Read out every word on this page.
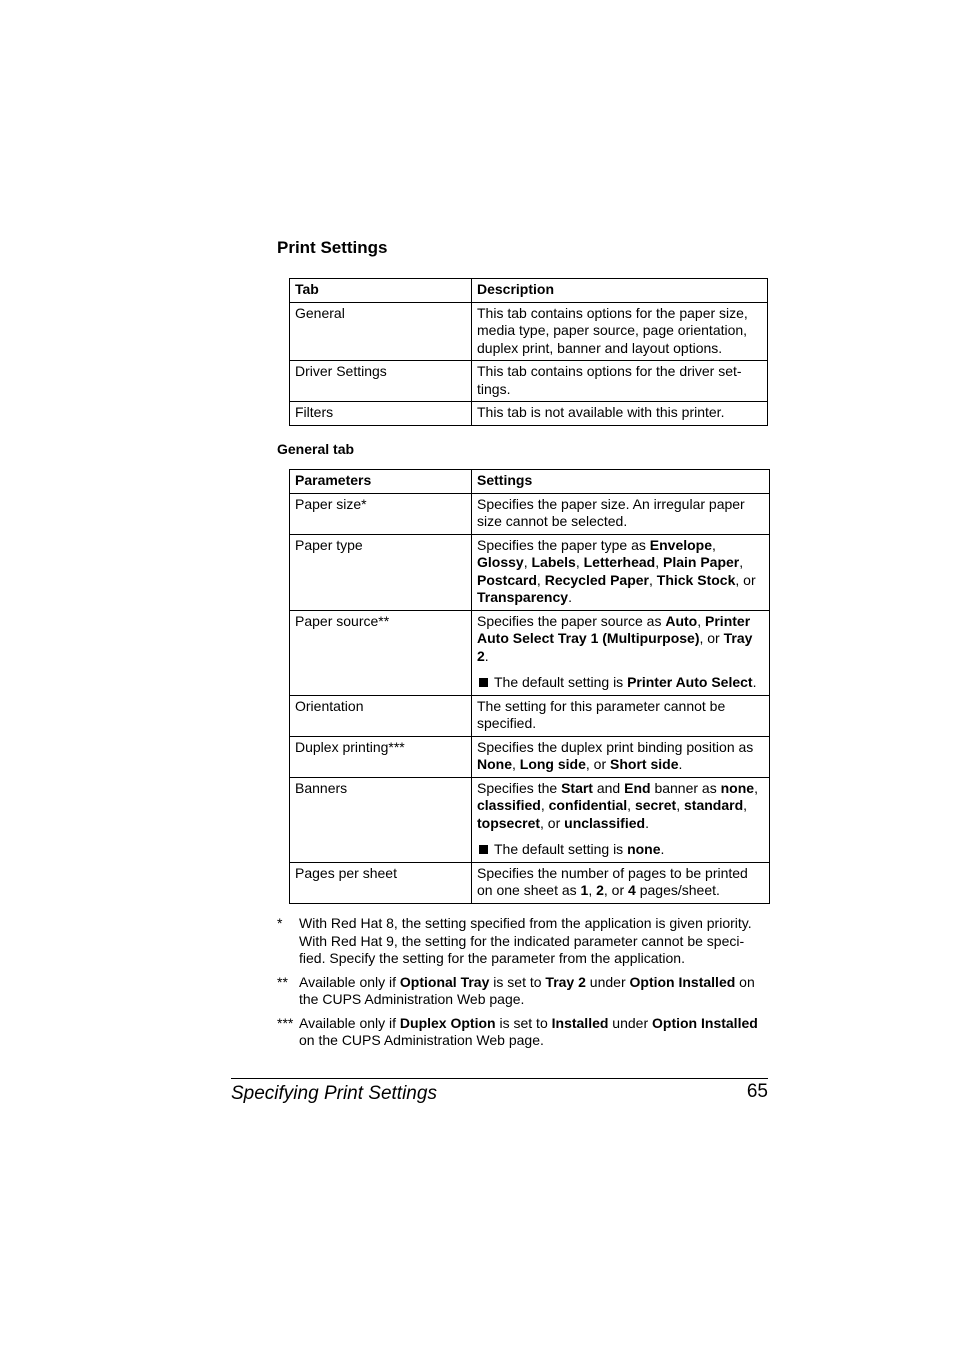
Print Settings
Tab	Description
General	This tab contains options for the paper size, media type, paper source, page orientation, duplex print, banner and layout options.
Driver Settings	This tab contains options for the driver set-
tings.
Filters	This tab is not available with this printer.
General tab
Parameters	Settings
Paper size*	Specifies the paper size. An irregular paper size cannot be selected.
Paper type	Specifies the paper type as Envelope, Glossy, Labels, Letterhead, Plain Paper, Postcard, Recycled Paper, Thick Stock, or Transparency.
Paper source**	Specifies the paper source as Auto, Printer Auto Select Tray 1 (Multipurpose), or Tray 2.
The default setting is Printer Auto Select.

Orientation	The setting for this parameter cannot be specified.
Duplex printing***	Specifies the duplex print binding position as None, Long side, or Short side.
Banners	Specifies the Start and End banner as none, classified, confidential, secret, standard, topsecret, or unclassified.
The default setting is none.

Pages per sheet	Specifies the number of pages to be printed on one sheet as 1, 2, or 4 pages/sheet.
*	With Red Hat 8, the setting specified from the application is given priority. With Red Hat 9, the setting for the indicated parameter cannot be speci-
fied. Specify the setting for the parameter from the application.
** Available only if Optional Tray is set to Tray 2 under Option Installed on the CUPS Administration Web page.
*** Available only if Duplex Option is set to Installed under Option Installed on the CUPS Administration Web page.
Specifying Print Settings	65
